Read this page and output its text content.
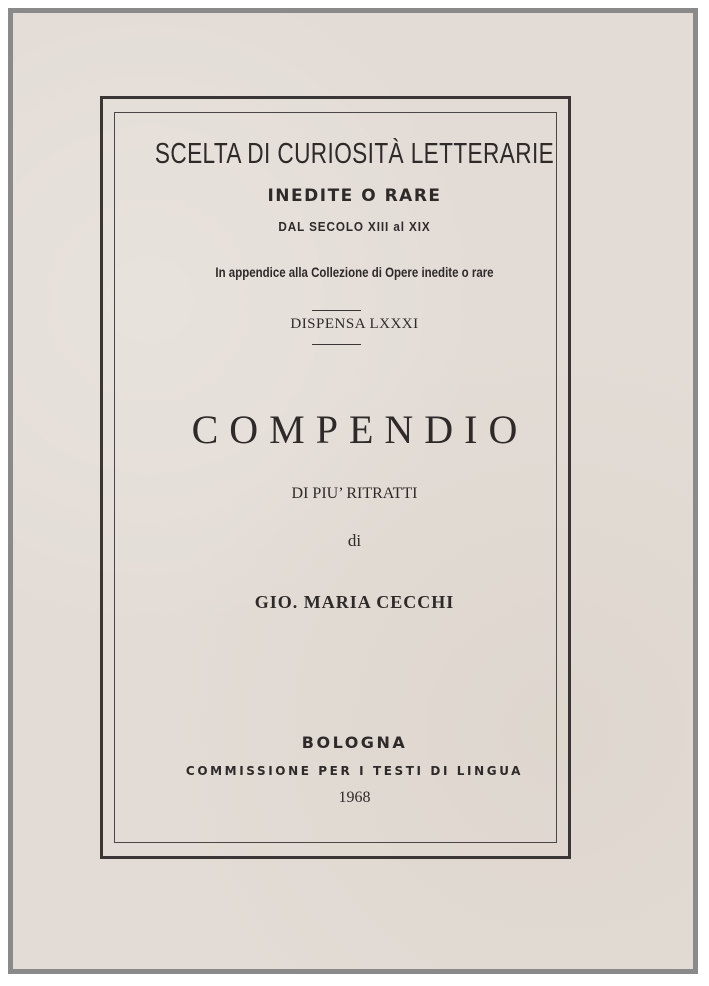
SCELTA DI CURIOSITÀ LETTERARIE
INEDITE O RARE
DAL SECOLO XIII al XIX
In appendice alla Collezione di Opere inedite o rare
DISPENSA LXXXI
COMPENDIO
DI PIU’ RITRATTI
di
GIO. MARIA CECCHI
BOLOGNA
COMMISSIONE PER I TESTI DI LINGUA
1968
